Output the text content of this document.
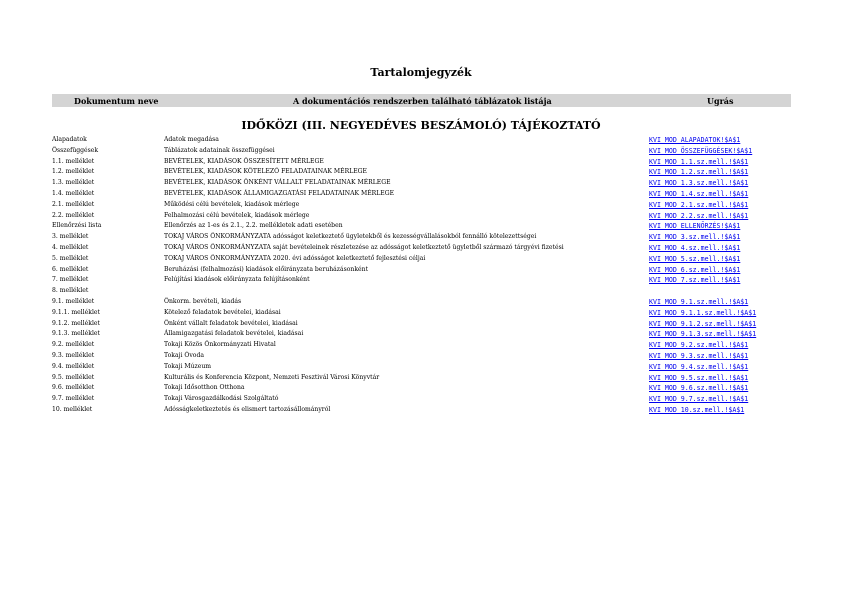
Tartalomjegyzék
Dokumentum neve	A dokumentációs rendszerben található táblázatok listája	Ugrás
IDŐKÖZI (III. NEGYEDÉVES BESZÁMOLÓ) TÁJÉKOZTATÓ
Alapadatok	Adatok megadása	KVI_MOD_ALAPADATOK!$A$1
Összefüggések	Táblázatok adatainak összefüggései	KVI_MOD_ÖSSZEFÜGGÉSEK!$A$1
1.1. melléklet	BEVÉTELEK, KIADÁSOK ÖSSZESÍTETT MÉRLEGE	KVI_MOD_1.1.sz.mell.!$A$1
1.2. melléklet	BEVÉTELEK, KIADÁSOK KÖTELEZŐ FELADATAINAK MÉRLEGE	KVI_MOD_1.2.sz.mell.!$A$1
1.3. melléklet	BEVÉTELEK, KIADÁSOK ÖNKÉNT VÁLLALT FELADATAINAK MÉRLEGE	KVI_MOD_1.3.sz.mell.!$A$1
1.4. melléklet	BEVÉTELEK, KIADÁSOK ÁLLAMIGAZGATÁSI FELADATAINAK MÉRLEGE	KVI_MOD_1.4.sz.mell.!$A$1
2.1. melléklet	Működési célú bevételek, kiadások mérlege	KVI_MOD_2.1.sz.mell.!$A$1
2.2. melléklet	Felhalmozási célú bevételek, kiadások mérlege	KVI_MOD_2.2.sz.mell.!$A$1
Ellenőrzési lista	Ellenőrzés az 1-es és 2.1., 2.2. mellékletek adati esetében	KVI_MOD_ELLENŐRZÉS!$A$1
3. melléklet	TOKAJ VÁROS ÖNKORMÁNYZATA adósságot keletkeztető ügyletekből és kezességvállalásokból fennálló kötelezettségei	KVI_MOD_3.sz.mell.!$A$1
4. melléklet	TOKAJ VÁROS ÖNKORMÁNYZATA saját bevételeinek részletezése az adósságot keletkeztető ügyletből származó tárgyévi fizetési	KVI_MOD_4.sz.mell.!$A$1
5. melléklet	TOKAJ VÁROS ÖNKORMÁNYZATA 2020. évi adósságot keletkeztető fejlesztési céljai	KVI_MOD_5.sz.mell.!$A$1
6. melléklet	Beruházási (felhalmozási) kiadások előirányzata beruházásonként	KVI_MOD_6.sz.mell.!$A$1
7. melléklet	Felújítási kiadások előirányzata felújításonként	KVI_MOD_7.sz.mell.!$A$1
8. melléklet
9.1. melléklet	Önkorm. bevételi, kiadás	KVI_MOD_9.1.sz.mell.!$A$1
9.1.1. melléklet	Kötelező feladatok bevételei, kiadásai	KVI_MOD_9.1.1.sz.mell.!$A$1
9.1.2. melléklet	Önként vállalt feladatok bevételei, kiadásai	KVI_MOD_9.1.2.sz.mell.!$A$1
9.1.3. melléklet	Államigazgatási feladatok bevételei, kiadásai	KVI_MOD_9.1.3.sz.mell.!$A$1
9.2. melléklet	Tokaji Közös Önkormányzati Hivatal	KVI_MOD_9.2.sz.mell.!$A$1
9.3. melléklet	Tokaji Óvoda	KVI_MOD_9.3.sz.mell.!$A$1
9.4. melléklet	Tokaji Múzeum	KVI_MOD_9.4.sz.mell.!$A$1
9.5. melléklet	Kulturális és Konferencia Központ, Nemzeti Fesztivál Városi Könyvtár	KVI_MOD_9.5.sz.mell.!$A$1
9.6. melléklet	Tokaji Idősotthon Otthona	KVI_MOD_9.6.sz.mell.!$A$1
9.7. melléklet	Tokaji Városgazdálkodási Szolgáltató	KVI_MOD_9.7.sz.mell.!$A$1
10. melléklet	Adósságkeletkeztetés és elismert tartozásállományról	KVI_MOD_10.sz.mell.!$A$1
